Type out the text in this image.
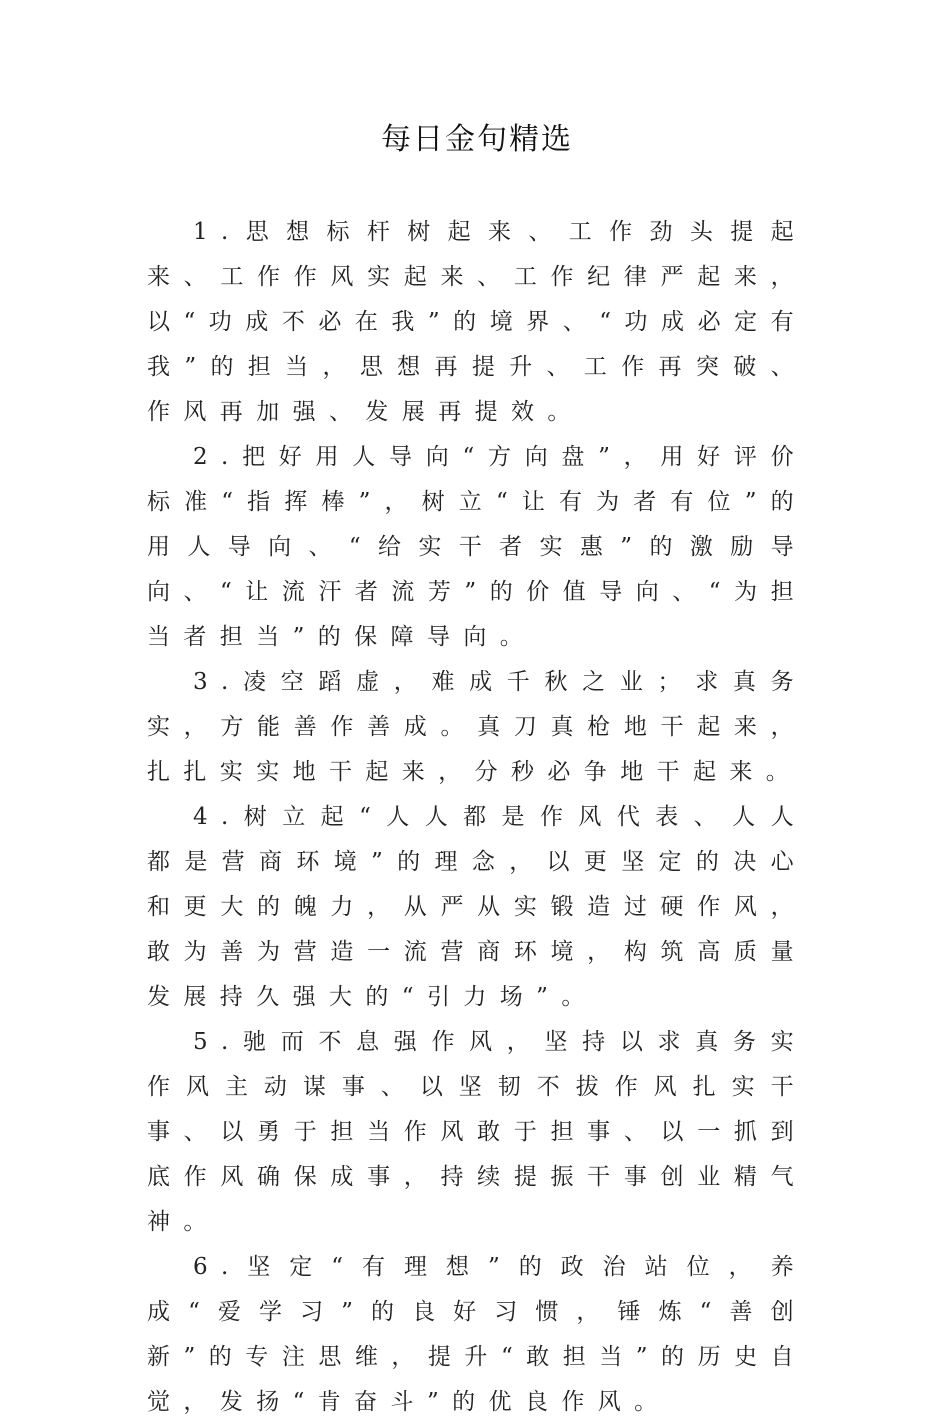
每日金句精选

1.思想标杆树起来、工作劲头提起来、工作作风实起来、工作纪律严起来，以“功成不必在我”的境界、“功成必定有我”的担当，思想再提升、工作再突破、作风再加强、发展再提效。

2.把好用人导向“方向盘”，用好评价标准“指挥棒”，树立“让有为者有位”的用人导向、“给实干者实惠”的激励导向、“让流汗者流芳”的价值导向、“为担当者担当”的保障导向。

3.凌空蹈虚，难成千秋之业；求真务实，方能善作善成。真刀真枪地干起来，扎扎实实地干起来，分秒必争地干起来。

4.树立起“人人都是作风代表、人人都是营商环境”的理念，以更坚定的决心和更大的魄力，从严从实锻造过硬作风，敢为善为营造一流营商环境，构筑高质量发展持久强大的“引力场”。

5.驰而不息强作风，坚持以求真务实作风主动谋事、以坚韧不拔作风扎实干事、以勇于担当作风敢于担事、以一抓到底作风确保成事，持续提振干事创业精气神。

6.坚定“有理想”的政治站位，养成“爱学习”的良好习惯，锤炼“善创新”的专注思维，提升“敢担当”的历史自觉，发扬“肯奋斗”的优良作风。
